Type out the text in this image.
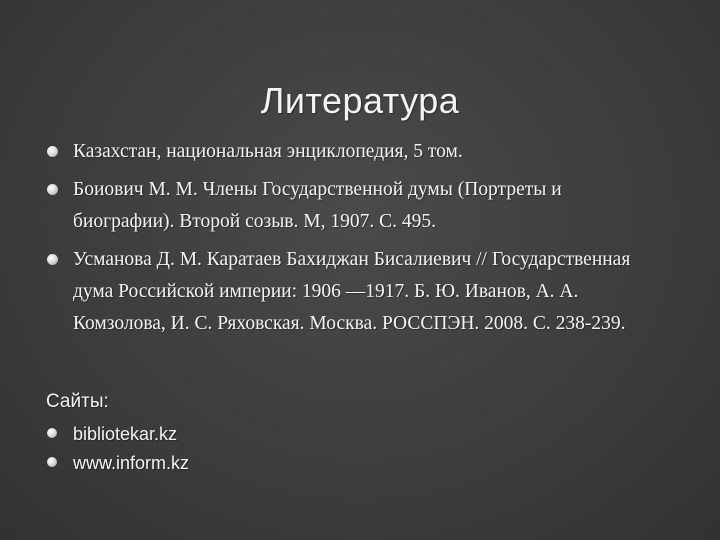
Литература
Казахстан, национальная энциклопедия, 5 том.
Боиович М. М. Члены Государственной думы (Портреты и биографии). Второй созыв. М, 1907. С. 495.
Усманова Д. М. Каратаев Бахиджан Бисалиевич // Государственная дума Российской империи: 1906 —1917. Б. Ю. Иванов, А. А. Комзолова, И. С. Ряховская. Москва. РОССПЭН. 2008. С. 238-239.
Сайты:
bibliotekar.kz
www.inform.kz
